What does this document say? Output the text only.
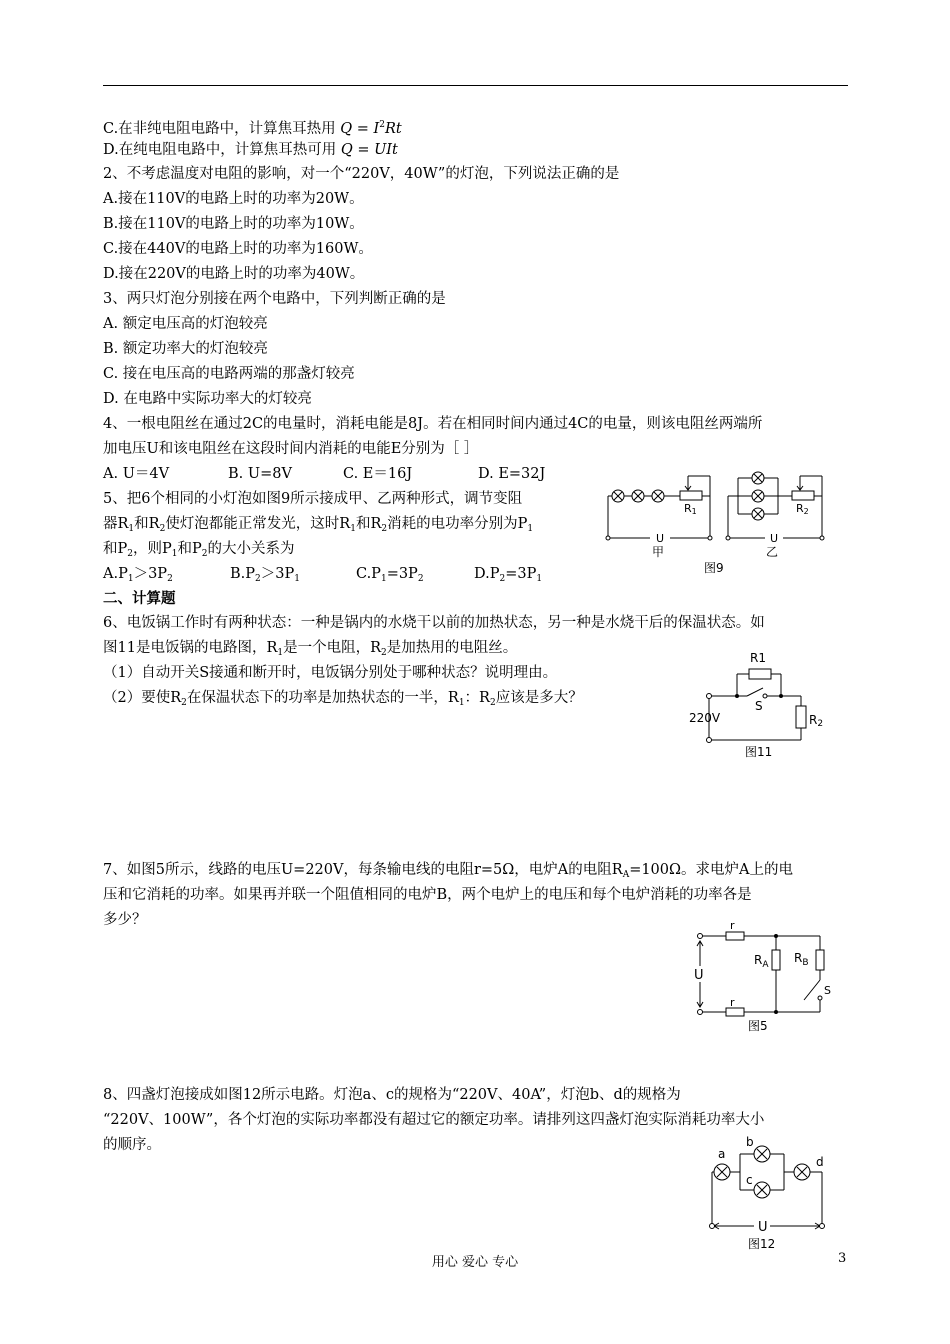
C.在非纯电阻电路中，计算焦耳热用 $Q = I^2Rt$
D.在纯电阻电路中，计算焦耳热可用 Q = UIt
2、不考虑温度对电阻的影响，对一个“220V，40W”的灯泡，下列说法正确的是
A.接在110V的电路上时的功率为20W。
B.接在110V的电路上时的功率为10W。
C.接在440V的电路上时的功率为160W。
D.接在220V的电路上时的功率为40W。
3、两只灯泡分别接在两个电路中，下列判断正确的是
A. 额定电压高的灯泡较亮
B. 额定功率大的灯泡较亮
C. 接在电压高的电路两端的那盏灯较亮
D. 在电路中实际功率大的灯较亮
4、一根电阻丝在通过2C的电量时，消耗电能是8J。若在相同时间内通过4C的电量，则该电阻丝两端所
加电压U和该电阻丝在这段时间内消耗的电能E分别为［ ］
A. U＝4V	B. U=8V	C. E＝16J	D. E=32J
5、把6个相同的小灯泡如图9所示接成甲、乙两种形式，调节变阻
器$R_1$和$R_2$使灯泡都能正常发光，这时$R_1$和$R_2$消耗的电功率分别为$P_1$
和$P_2$，则$P_1$和$P_2$的大小关系为
A.P1＞3P2	B.P2＞3P1	C.P1=3P2	D.P2=3P1
R1	R2
U	U
甲	乙
图9
二、计算题
6、电饭锅工作时有两种状态：一种是锅内的水烧干以前的加热状态，另一种是水烧干后的保温状态。如
图11是电饭锅的电路图，$R_1$是一个电阻，$R_2$是加热用的电阻丝。
（1）自动开关S接通和断开时，电饭锅分别处于哪种状态？说明理由。
（2）要使$R_2$在保温状态下的功率是加热状态的一半，$R_1$：$R_2$应该是多大？
R1
S
220V	R2
图11
7、如图5所示，线路的电压U=220V，每条输电线的电阻r=5Ω，电炉A的电阻$R_A=100\Omega$。求电炉A上的电
压和它消耗的功率。如果再并联一个阻值相同的电炉B，两个电炉上的电压和每个电炉消耗的功率各是
多少？	r
r
U
$R_A$ $R_B$
S
图5
8、四盏灯泡接成如图12所示电路。灯泡a、c的规格为“220V、40A”，灯泡b、d的规格为
“220V、100W”，各个灯泡的实际功率都没有超过它的额定功率。请排列这四盏灯泡实际消耗功率大小
的顺序。
a
b
c
d
U
图12
用心 爱心 专心	3
